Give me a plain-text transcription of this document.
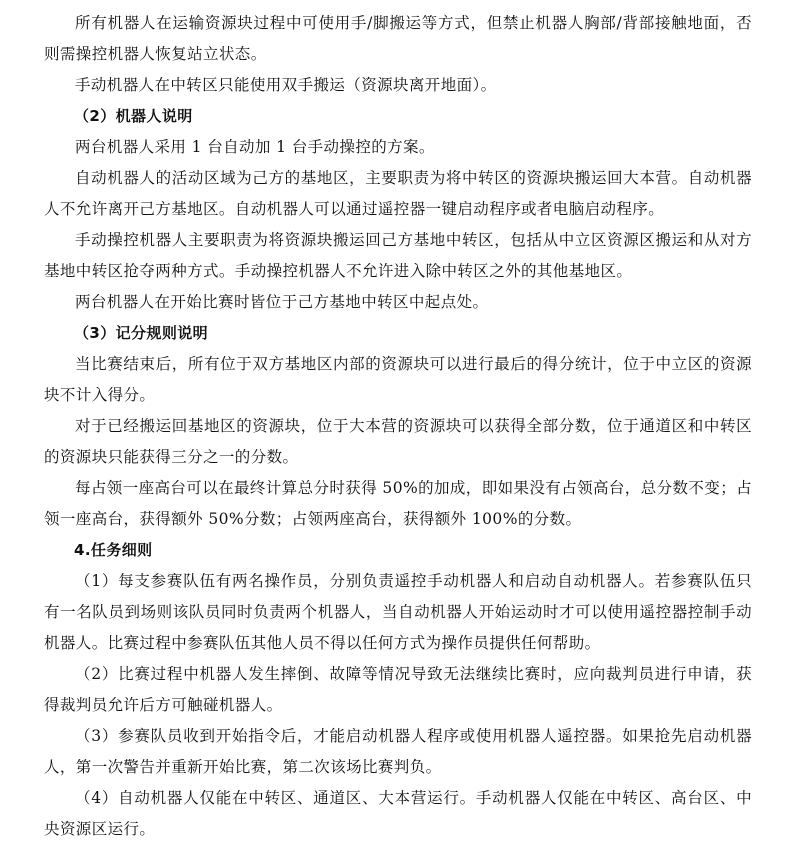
所有机器人在运输资源块过程中可使用手/脚搬运等方式，但禁止机器人胸部/背部接触地面，否则需操控机器人恢复站立状态。

手动机器人在中转区只能使用双手搬运（资源块离开地面）。

（2）机器人说明

两台机器人采用 1 台自动加 1 台手动操控的方案。

自动机器人的活动区域为己方的基地区，主要职责为将中转区的资源块搬运回大本营。自动机器人不允许离开己方基地区。自动机器人可以通过遥控器一键启动程序或者电脑启动程序。

手动操控机器人主要职责为将资源块搬运回己方基地中转区，包括从中立区资源区搬运和从对方基地中转区抢夺两种方式。手动操控机器人不允许进入除中转区之外的其他基地区。

两台机器人在开始比赛时皆位于己方基地中转区中起点处。

（3）记分规则说明

当比赛结束后，所有位于双方基地区内部的资源块可以进行最后的得分统计，位于中立区的资源块不计入得分。

对于已经搬运回基地区的资源块，位于大本营的资源块可以获得全部分数，位于通道区和中转区的资源块只能获得三分之一的分数。

每占领一座高台可以在最终计算总分时获得 50%的加成，即如果没有占领高台，总分数不变；占领一座高台，获得额外 50%分数；占领两座高台，获得额外 100%的分数。

4.任务细则

（1）每支参赛队伍有两名操作员，分别负责遥控手动机器人和启动自动机器人。若参赛队伍只有一名队员到场则该队员同时负责两个机器人，当自动机器人开始运动时才可以使用遥控器控制手动机器人。比赛过程中参赛队伍其他人员不得以任何方式为操作员提供任何帮助。

（2）比赛过程中机器人发生摔倒、故障等情况导致无法继续比赛时，应向裁判员进行申请，获得裁判员允许后方可触碰机器人。

（3）参赛队员收到开始指令后，才能启动机器人程序或使用机器人遥控器。如果抢先启动机器人，第一次警告并重新开始比赛，第二次该场比赛判负。

（4）自动机器人仅能在中转区、通道区、大本营运行。手动机器人仅能在中转区、高台区、中央资源区运行。
